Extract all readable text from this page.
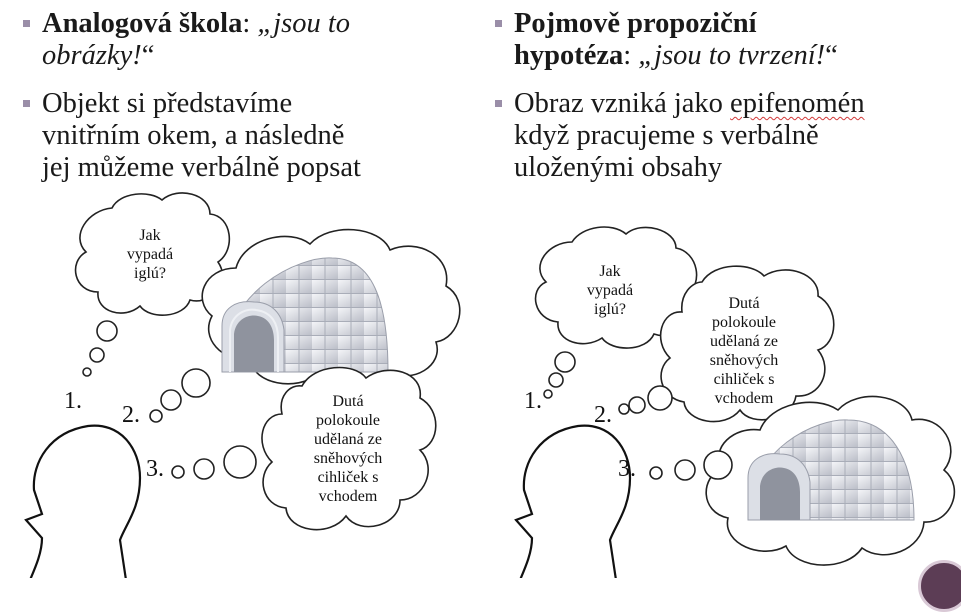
Analogová škola: „jsou to
obrázky!“
Objekt si představíme
vnitřním okem, a následně
jej můžeme verbálně popsat
Pojmově propoziční
hypotéza: „jsou to tvrzení!“
Obraz vzniká jako epifenomén
když pracujeme s verbálně
uloženými obsahy
Jak
vypadá
iglú?
Dutá
polokoule
udělaná ze
sněhových
cihliček s
vchodem
Jak
vypadá
iglú?	Dutá
polokoule
udělaná ze
sněhových
cihliček s
vchodem
1.
2.
3.
1.
2.
3.
